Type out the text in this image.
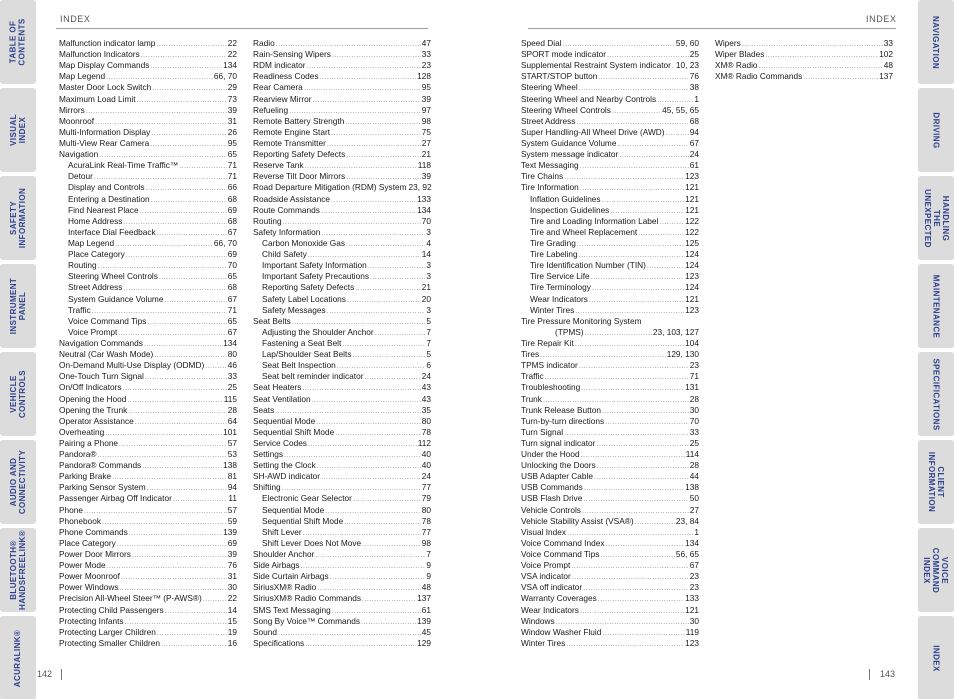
TABLE OF
CONTENTS
VISUAL INDEX
SAFETY
INFORMATION
INSTRUMENT
PANEL
VEHICLE
CONTROLS
AUDIO AND
CONNECTIVITY
BLUETOOTH®
HANDSFREELINK®
ACURALINK®
NAVIGATION
DRIVING
HANDLING THE
UNEXPECTED
MAINTENANCE
SPECIFICATIONS
CLIENT
INFORMATION
VOICE COMMAND
INDEX
INDEX
INDEX	INDEX
Malfunction indicator lamp .....	22
Malfunction Indicators .....	22
Map Display Commands .....	134
Map Legend .....	66, 70
Master Door Lock Switch .....	29
Maximum Load Limit .....	73
Mirrors .....	39
Moonroof .....	31
Multi-Information Display .....	26
Multi-View Rear Camera .....	95
Navigation .....	65
AcuraLink Real-Time Traffic™ .....	71
Detour .....	71
Display and Controls .....	66
Entering a Destination .....	68
Find Nearest Place .....	69
Home Address .....	68
Interface Dial Feedback .....	67
Map Legend .....	66, 70
Place Category .....	69
Routing .....	70
Steering Wheel Controls .....	65
Street Address .....	68
System Guidance Volume .....	67
Traffic .....	71
Voice Command Tips .....	65
Voice Prompt .....	67
Navigation Commands .....	134
Neutral (Car Wash Mode) .....	80
On-Demand Multi-Use Display (ODMD) .....	46
One-Touch Turn Signal .....	33
On/Off Indicators .....	25
Opening the Hood .....	115
Opening the Trunk .....	28
Operator Assistance .....	64
Overheating .....	101
Pairing a Phone .....	57
Pandora® .....	53
Pandora® Commands .....	138
Parking Brake .....	81
Parking Sensor System .....	94
Passenger Airbag Off Indicator .....	11
Phone .....	57
Phonebook .....	59
Phone Commands .....	139
Place Category .....	69
Power Door Mirrors .....	39
Power Mode .....	76
Power Moonroof .....	31
Power Windows .....	30
Precision All-Wheel Steer™ (P-AWS®) .....	22
Protecting Child Passengers .....	14
Protecting Infants .....	15
Protecting Larger Children .....	19
Protecting Smaller Children .....	16
Radio .....	47
Rain-Sensing Wipers .....	33
RDM indicator .....	23
Readiness Codes .....	128
Rear Camera .....	95
Rearview Mirror .....	39
Refueling .....	97
Remote Battery Strength .....	98
Remote Engine Start .....	75
Remote Transmitter .....	27
Reporting Safety Defects .....	21
Reserve Tank .....	118
Reverse Tilt Door Mirrors .....	39
Road Departure Mitigation (RDM) System 23, 92
Roadside Assistance .....	133
Route Commands .....	134
Routing .....	70
Safety Information .....	3
Carbon Monoxide Gas .....	4
Child Safety .....	14
Important Safety Information .....	3
Important Safety Precautions .....	3
Reporting Safety Defects .....	21
Safety Label Locations .....	20
Safety Messages .....	3
Seat Belts .....	5
Adjusting the Shoulder Anchor .....	7
Fastening a Seat Belt .....	7
Lap/Shoulder Seat Belts .....	5
Seat Belt Inspection .....	6
Seat belt reminder indicator .....	24
Seat Heaters .....	43
Seat Ventilation .....	43
Seats .....	35
Sequential Mode .....	80
Sequential Shift Mode .....	78
Service Codes .....	112
Settings .....	40
Setting the Clock .....	40
SH-AWD indicator .....	24
Shifting .....	77
Electronic Gear Selector .....	79
Sequential Mode .....	80
Sequential Shift Mode .....	78
Shift Lever .....	77
Shift Lever Does Not Move .....	98
Shoulder Anchor .....	7
Side Airbags .....	9
Side Curtain Airbags .....	9
SiriusXM® Radio .....	48
SiriusXM® Radio Commands .....	137
SMS Text Messaging .....	61
Song By Voice™ Commands .....	139
Sound .....	45
Specifications .....	129
Speed Dial .....	59, 60
SPORT mode indicator .....	25
Supplemental Restraint System indicator ..... 10, 23
START/STOP button .....	76
Steering Wheel .....	38
Steering Wheel and Nearby Controls .....	1
Steering Wheel Controls .....	45, 55, 65
Street Address .....	68
Super Handling-All Wheel Drive (AWD) .....	94
System Guidance Volume .....	67
System message indicator .....	24
Text Messaging .....	61
Tire Chains .....	123
Tire Information .....	121
Inflation Guidelines .....	121
Inspection Guidelines .....	121
Tire and Loading Information Label .....	122
Tire and Wheel Replacement .....	122
Tire Grading .....	125
Tire Labeling .....	124
Tire Identification Number (TIN) .....	124
Tire Service Life .....	123
Tire Terminology .....	124
Wear Indicators .....	121
Winter Tires .....	123
Tire Pressure Monitoring System
(TPMS) .....	23, 103, 127
Tire Repair Kit .....	104
Tires .....	129, 130
TPMS indicator .....	23
Traffic .....	71
Troubleshooting .....	131
Trunk .....	28
Trunk Release Button .....	30
Turn-by-turn directions .....	70
Turn Signal .....	33
Turn signal indicator .....	25
Under the Hood .....	114
Unlocking the Doors .....	28
USB Adapter Cable .....	44
USB Commands .....	138
USB Flash Drive .....	50
Vehicle Controls .....	27
Vehicle Stability Assist (VSA®) .....	23, 84
Visual Index .....	1
Voice Command Index .....	134
Voice Command Tips .....	56, 65
Voice Prompt .....	67
VSA indicator .....	23
VSA off indicator .....	23
Warranty Coverages .....	133
Wear Indicators .....	121
Windows .....	30
Window Washer Fluid .....	119
Winter Tires .....	123
Wipers .....	33
Wiper Blades .....	102
XM® Radio .....	48
XM® Radio Commands .....	137
142	143
